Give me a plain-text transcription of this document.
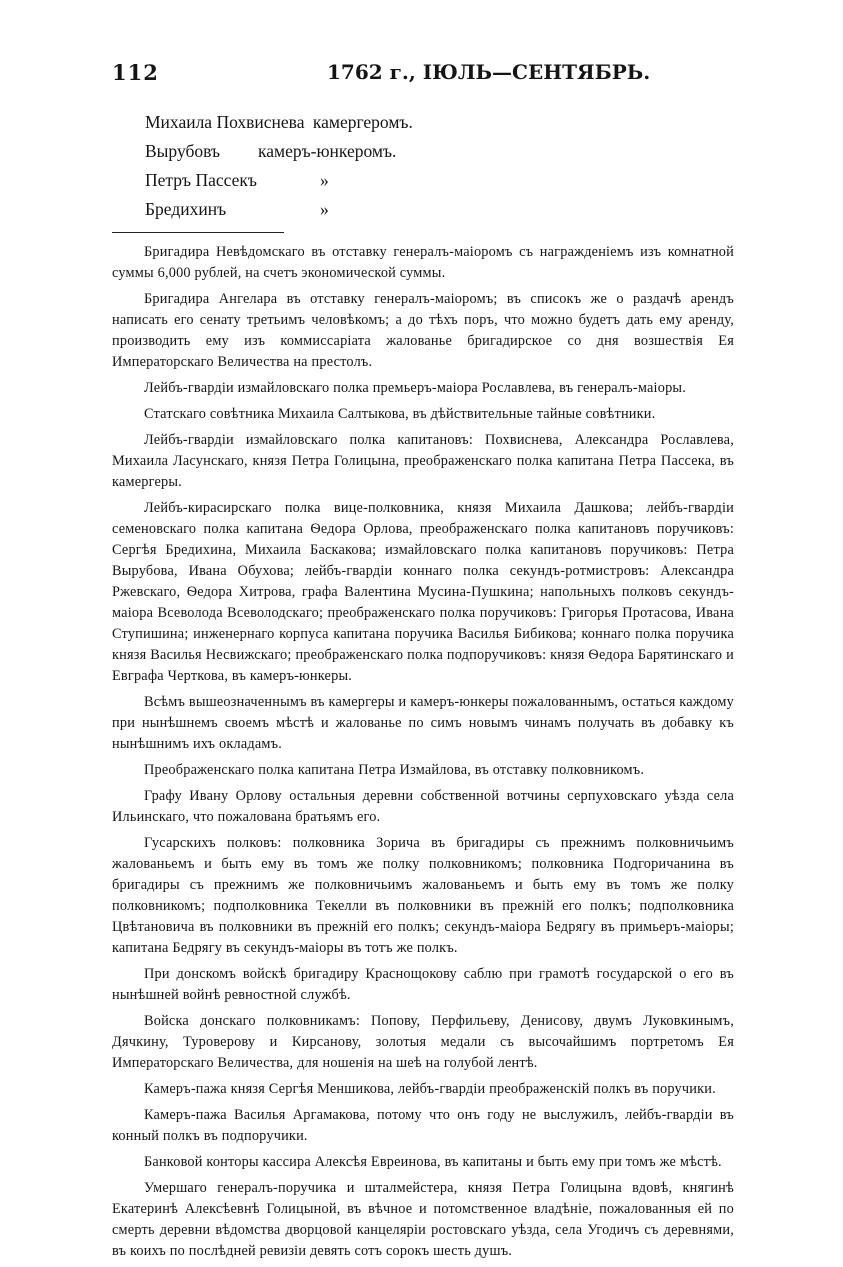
112	1762 г., ІЮЛЬ—СЕНТЯБРЬ.
Михаила Похвиснева камергеромъ.
Вырубовъ камеръ-юнкеромъ.
Петръ Пассекъ	»
Бредихинъ	»

Бригадира Невѣдомскаго въ отставку генералъ-маіоромъ съ награжденіемъ изъ комнатной суммы 6,000 рублей, на счетъ экономической суммы.

Бригадира Ангелара въ отставку генералъ-маіоромъ; въ списокъ же о раздачѣ арендъ написать его сенату третьимъ человѣкомъ; а до тѣхъ поръ, что можно будетъ дать ему аренду, производить ему изъ коммиссаріата жалованье бригадирское со дня возшествія Ея Императорскаго Величества на престолъ.

Лейбъ-гвардіи измайловскаго полка премьеръ-маіора Рославлева, въ генералъ-маіоры.

Статскаго совѣтника Михаила Салтыкова, въ дѣйствительные тайные совѣтники.

Лейбъ-гвардіи измайловскаго полка капитановъ: Похвиснева, Александра Рославлева, Михаила Ласунскаго, князя Петра Голицына, преображенскаго полка капитана Петра Пассека, въ камергеры.

Лейбъ-кирасирскаго полка вице-полковника, князя Михаила Дашкова; лейбъ-гвардіи семеновскаго полка капитана Ѳедора Орлова, преображенскаго полка капитановъ поручиковъ: Сергѣя Бредихина, Михаила Баскакова; измайловскаго полка капитановъ поручиковъ: Петра Вырубова, Ивана Обухова; лейбъ-гвардіи коннаго полка секундъ-ротмистровъ: Александра Ржевскаго, Ѳедора Хитрова, графа Валентина Мусина-Пушкина; напольныхъ полковъ секундъ-маіора Всеволода Всеволодскаго; преображенскаго полка поручиковъ: Григорья Протасова, Ивана Ступишина; инженернаго корпуса капитана поручика Василья Бибикова; коннаго полка поручика князя Василья Несвижскаго; преображенскаго полка подпоручиковъ: князя Ѳедора Барятинскаго и Евграфа Черткова, въ камеръ-юнкеры.

Всѣмъ вышеозначеннымъ въ камергеры и камеръ-юнкеры пожалованнымъ, остаться каждому при нынѣшнемъ своемъ мѣстѣ и жалованье по симъ новымъ чинамъ получать въ добавку къ нынѣшнимъ ихъ окладамъ.

Преображенскаго полка капитана Петра Измайлова, въ отставку полковникомъ.

Графу Ивану Орлову остальныя деревни собственной вотчины серпуховскаго уѣзда села Ильинскаго, что пожалована братьямъ его.

Гусарскихъ полковъ: полковника Зорича въ бригадиры съ прежнимъ полковничьимъ жалованьемъ и быть ему въ томъ же полку полковникомъ; полковника Подгоричанина въ бригадиры съ прежнимъ же полковничьимъ жалованьемъ и быть ему въ томъ же полку полковникомъ; подполковника Текелли въ полковники въ прежній его полкъ; подполковника Цвѣтановича въ полковники въ прежній его полкъ; секундъ-маіора Бедрягу въ примьеръ-маіоры; капитана Бедрягу въ секундъ-маіоры въ тотъ же полкъ.

При донскомъ войскѣ бригадиру Краснощокову саблю при грамотѣ государской о его въ нынѣшней войнѣ ревностной службѣ.

Войска донскаго полковникамъ: Попову, Перфильеву, Денисову, двумъ Луковкинымъ, Дячкину, Туроверову и Кирсанову, золотыя медали съ высочайшимъ портретомъ Ея Императорскаго Величества, для ношенія на шеѣ на голубой лентѣ.

Камеръ-пажа князя Сергѣя Меншикова, лейбъ-гвардіи преображенскій полкъ въ поручики.

Камеръ-пажа Василья Аргамакова, потому что онъ году не выслужилъ, лейбъ-гвардіи въ конный полкъ въ подпоручики.

Банковой конторы кассира Алексѣя Евреинова, въ капитаны и быть ему при томъ же мѣстѣ.

Умершаго генералъ-поручика и шталмейстера, князя Петра Голицына вдовѣ, княгинѣ Екатеринѣ Алексѣевнѣ Голицыной, въ вѣчное и потомственное владѣніе, пожалованныя ей по смерть деревни вѣдомства дворцовой канцеляріи ростовскаго уѣзда, села Угодичъ съ деревнями, въ коихъ по послѣдней ревизіи девять сотъ сорокъ шесть душъ.
